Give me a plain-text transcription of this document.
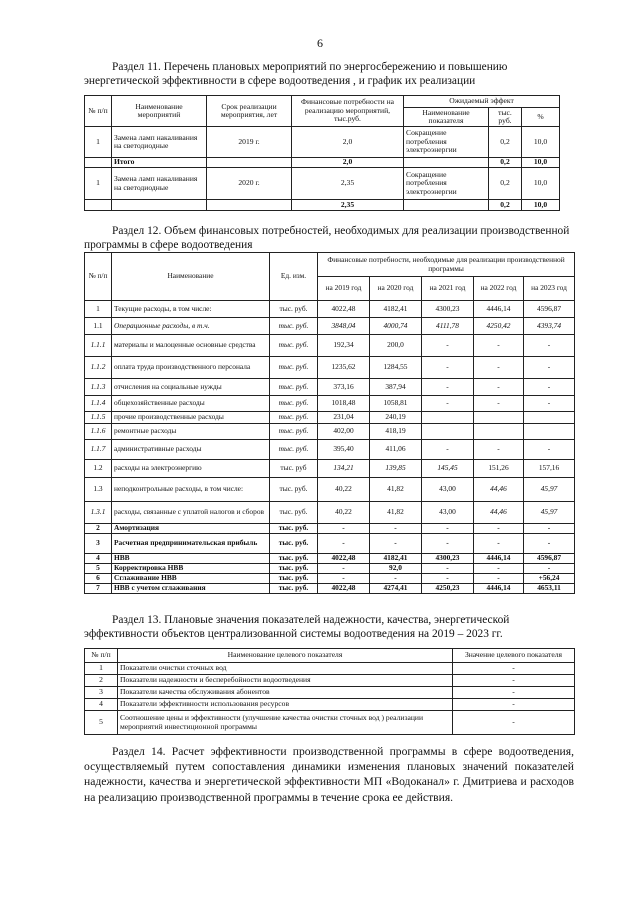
6
Раздел 11. Перечень плановых мероприятий по энергосбережению и повышению энергетической эффективности в сфере водоотведения , и график их реализации
№ п/п	Наименование мероприятий	Срок реализации мероприятия, лет	Финансовые потребности на реализацию мероприятий, тыс.руб.	Ожидаемый эффект		
				Наименование показателя	тыс. руб.	%
1	Замена ламп накаливания на светодиодные	2019 г.	2,0	Сокращение потребления электроэнергии	0,2	10,0
	Итого		2,0		0,2	10,0
1	Замена ламп накаливания на светодиодные	2020 г.	2,35	Сокращение потребления электроэнергии	0,2	10,0
			2,35		0,2	10,0
Раздел 12. Объем финансовых потребностей, необходимых для реализации производственной программы в сфере водоотведения
№ п/п	Наименование	Ед. изм.	Финансовые потребности, необходимые для реализации производственной программы				
			на 2019 год	на 2020 год	на 2021 год	на 2022 год	на 2023 год
1	Текущие расходы, в том числе:	тыс. руб.	4022,48	4182,41	4300,23	4446,14	4596,87
1.1	Операционные расходы, в т.ч.	тыс. руб.	3848,04	4000,74	4111,78	4250,42	4393,74
1.1.1	материалы и малоценные основные средства	тыс. руб.	192,34	200,0	-	-	-
1.1.2	оплата труда производственного персонала	тыс. руб.	1235,62	1284,55	-	-	-
1.1.3	отчисления на социальные нужды	тыс. руб.	373,16	387,94	-	-	-
1.1.4	общехозяйственные расходы	тыс. руб.	1018,48	1058,81	-	-	-
1.1.5	прочие производственные расходы	тыс. руб.	231,04	240,19			
1.1.6	ремонтные расходы	тыс. руб.	402,00	418,19			
1.1.7	административные расходы	тыс. руб.	395,40	411,06	-	-	-
1.2	расходы на электроэнергию	тыс. руб	134,21	139,85	145,45	151,26	157,16
1.3	неподконтрольные расходы, в том числе:	тыс. руб.	40,22	41,82	43,00	44,46	45,97
1.3.1	расходы, связанные с уплатой налогов и сборов	тыс. руб.	40,22	41,82	43,00	44,46	45,97
2	Амортизация	тыс. руб.	-	-	-	-	-
3	Расчетная предпринимательская прибыль	тыс. руб.	-	-	-	-	-
4	НВВ	тыс. руб.	4022,48	4182,41	4300,23	4446,14	4596,87
5	Корректировка НВВ	тыс. руб.	-	92,0	-	-	-
6	Сглаживание НВВ	тыс. руб.	-	-	-	-	+56,24
7	НВВ с учетом сглаживания	тыс. руб.	4022,48	4274,41	4250,23	4446,14	4653,11
Раздел 13. Плановые значения показателей надежности, качества, энергетической эффективности объектов централизованной системы водоотведения на 2019 – 2023 гг.
№ п/п	Наименование целевого показателя	Значение целевого показателя
1	Показатели очистки сточных вод	-
2	Показатели надежности и бесперебойности водоотведения	-
3	Показатели качества обслуживания абонентов	-
4	Показатели эффективности использования ресурсов	-
5	Соотношение цены и эффективности (улучшение качества очистки сточных вод ) реализации мероприятий инвестиционной программы	-
Раздел 14. Расчет эффективности производственной программы в сфере водоотведения, осуществляемый путем сопоставления динамики изменения плановых значений показателей надежности, качества и энергетической эффективности МП «Водоканал» г. Дмитриева и расходов на реализацию производственной программы в течение срока ее действия.
